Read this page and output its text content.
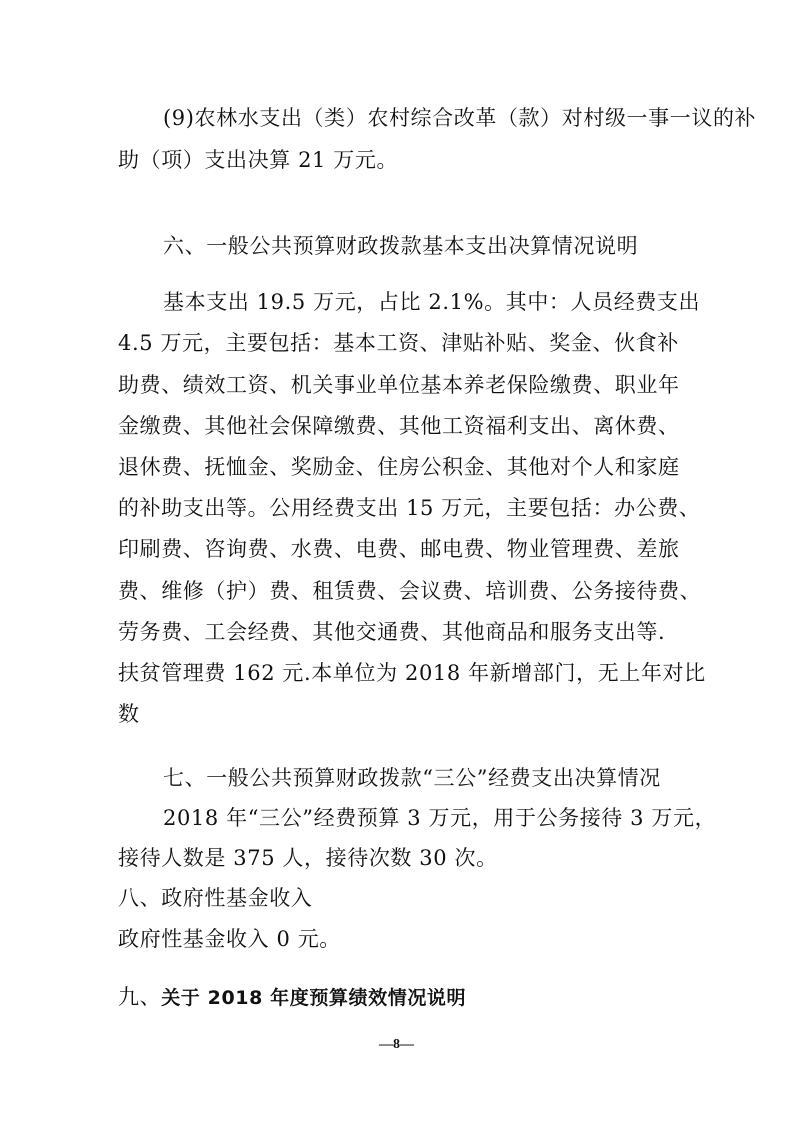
(9)农林水支出（类）农村综合改革（款）对村级一事一议的补

助（项）支出决算 21 万元。

六、一般公共预算财政拨款基本支出决算情况说明

基本支出 19.5 万元，占比 2.1%。其中：人员经费支出

4.5 万元，主要包括：基本工资、津贴补贴、奖金、伙食补

助费、绩效工资、机关事业单位基本养老保险缴费、职业年

金缴费、其他社会保障缴费、其他工资福利支出、离休费、

退休费、抚恤金、奖励金、住房公积金、其他对个人和家庭

的补助支出等。公用经费支出 15 万元，主要包括：办公费、

印刷费、咨询费、水费、电费、邮电费、物业管理费、差旅

费、维修（护）费、租赁费、会议费、培训费、公务接待费、

劳务费、工会经费、其他交通费、其他商品和服务支出等.

扶贫管理费 162 元.本单位为 2018 年新增部门，无上年对比

数

七、一般公共预算财政拨款“三公”经费支出决算情况

2018 年“三公”经费预算 3 万元，用于公务接待 3 万元，

接待人数是 375 人，接待次数 30 次。

八、政府性基金收入

政府性基金收入 0 元。

九、关于 2018 年度预算绩效情况说明

—8—
